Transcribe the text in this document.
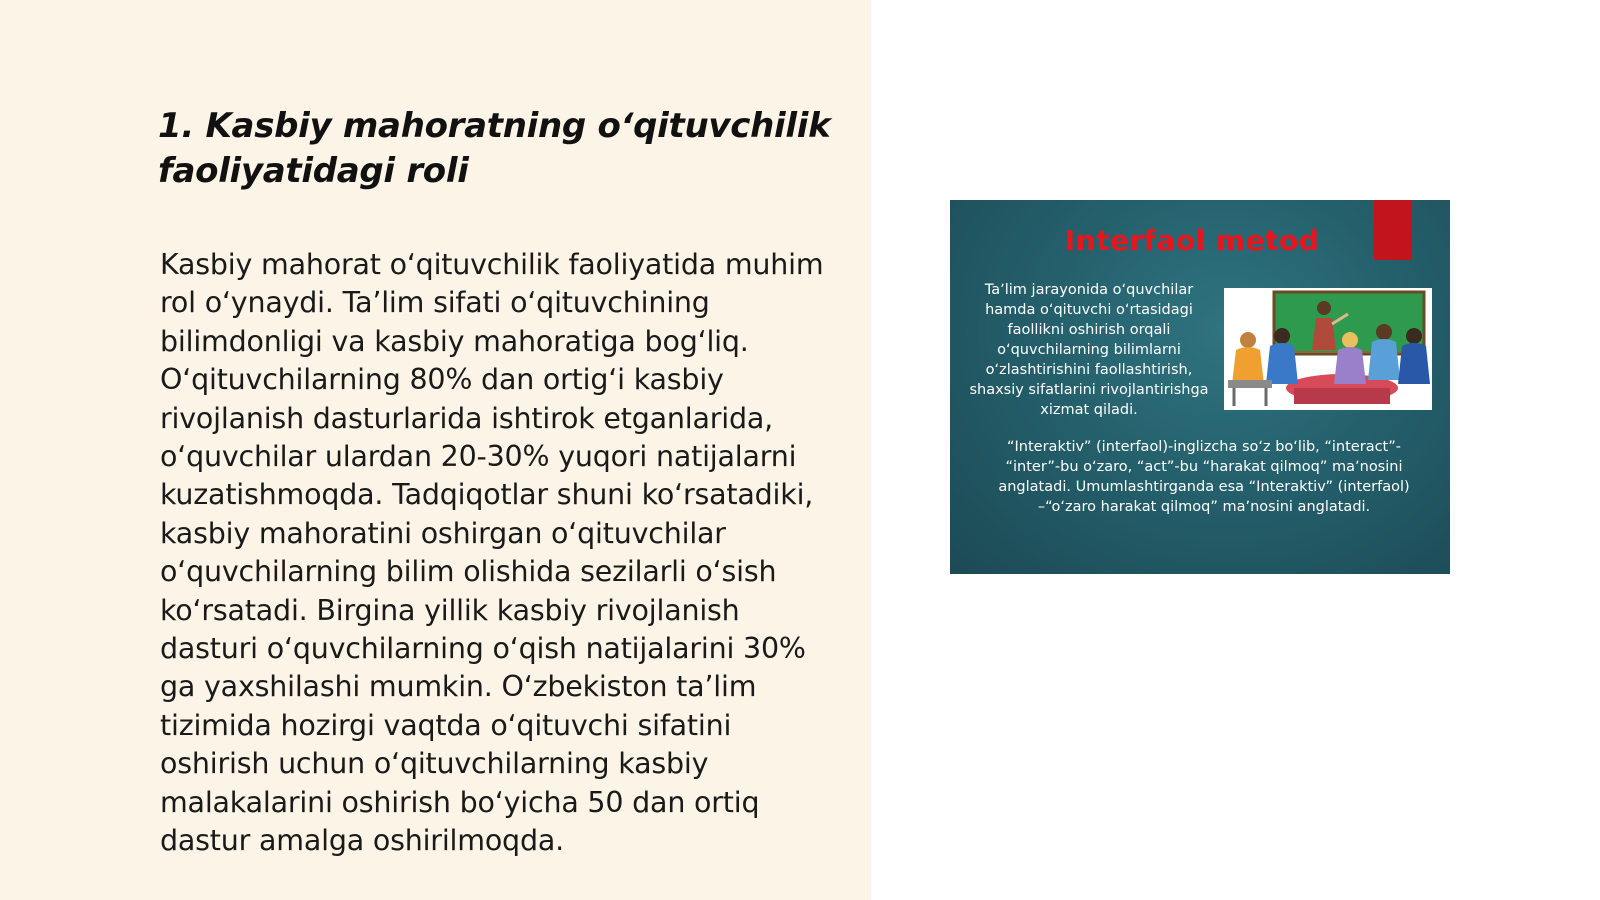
1. Kasbiy mahoratning oʻqituvchilik faoliyatidagi roli

Kasbiy mahorat oʻqituvchilik faoliyatida muhim rol oʻynaydi. Taʼlim sifati oʻqituvchining bilimdonligi va kasbiy mahoratiga bogʻliq. Oʻqituvchilarning 80% dan ortigʻi kasbiy rivojlanish dasturlarida ishtirok etganlarida, oʻquvchilar ulardan 20-30% yuqori natijalarni kuzatishmoqda. Tadqiqotlar shuni koʻrsatadiki, kasbiy mahoratini oshirgan oʻqituvchilar oʻquvchilarning bilim olishida sezilarli oʻsish koʻrsatadi. Birgina yillik kasbiy rivojlanish dasturi oʻquvchilarning oʻqish natijalarini 30% ga yaxshilashi mumkin. Oʻzbekiston taʼlim tizimida hozirgi vaqtda oʻqituvchi sifatini oshirish uchun oʻqituvchilarning kasbiy malakalarini oshirish boʻyicha 50 dan ortiq dastur amalga oshirilmoqda.

Interfaol metod
Taʼlim jarayonida oʻquvchilar hamda oʻqituvchi oʻrtasidagi faollikni oshirish orqali oʻquvchilarning bilimlarni oʻzlashtirishini faollashtirish, shaxsiy sifatlarini rivojlantirishga xizmat qiladi.
“Interaktiv” (interfaol)-inglizcha soʻz boʻlib, “interact”- “inter”-bu oʻzaro, “act”-bu “harakat qilmoq” maʼnosini anglatadi. Umumlashtirganda esa “Interaktiv” (interfaol) –“oʻzaro harakat qilmoq” maʼnosini anglatadi.
